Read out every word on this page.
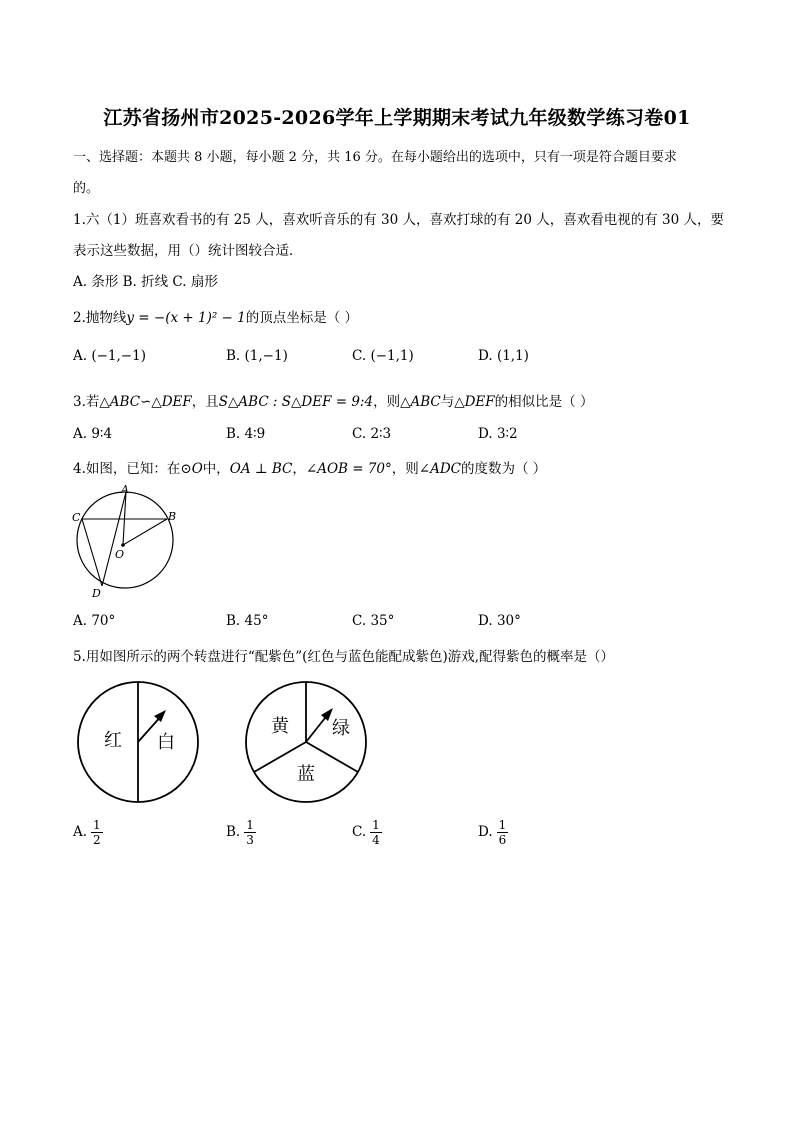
江苏省扬州市2025-2026学年上学期期末考试九年级数学练习卷01
一、选择题：本题共 8 小题，每小题 2 分，共 16 分。在每小题给出的选项中，只有一项是符合题目要求
的。
1.六（1）班喜欢看书的有 25 人，喜欢听音乐的有 30 人，喜欢打球的有 20 人，喜欢看电视的有 30 人，要
表示这些数据，用（）统计图较合适．
A. 条形 B. 折线 C. 扇形
2.抛物线y = −(x + 1)² − 1的顶点坐标是（ ）
A. (−1,−1)	B. (1,−1)	C. (−1,1)	D. (1,1)
3.若△ABC∽△DEF，且S△ABC : S△DEF = 9:4，则△ABC与△DEF的相似比是（ ）
A. 9∶4	B. 4∶9	C. 2∶3	D. 3∶2
4.如图，已知：在⊙O中，OA ⊥ BC，∠AOB = 70°，则∠ADC的度数为（ ）
A
B
C
D
O
A. 70°	B. 45°	C. 35°	D. 30°
5.用如图所示的两个转盘进行“配紫色”(红色与蓝色能配成紫色)游戏,配得紫色的概率是（）
红 白
黄 绿
蓝
A. $\frac{1}{2}$	B. $\frac{1}{3}$	C. $\frac{1}{4}$	D. $\frac{1}{6}$
